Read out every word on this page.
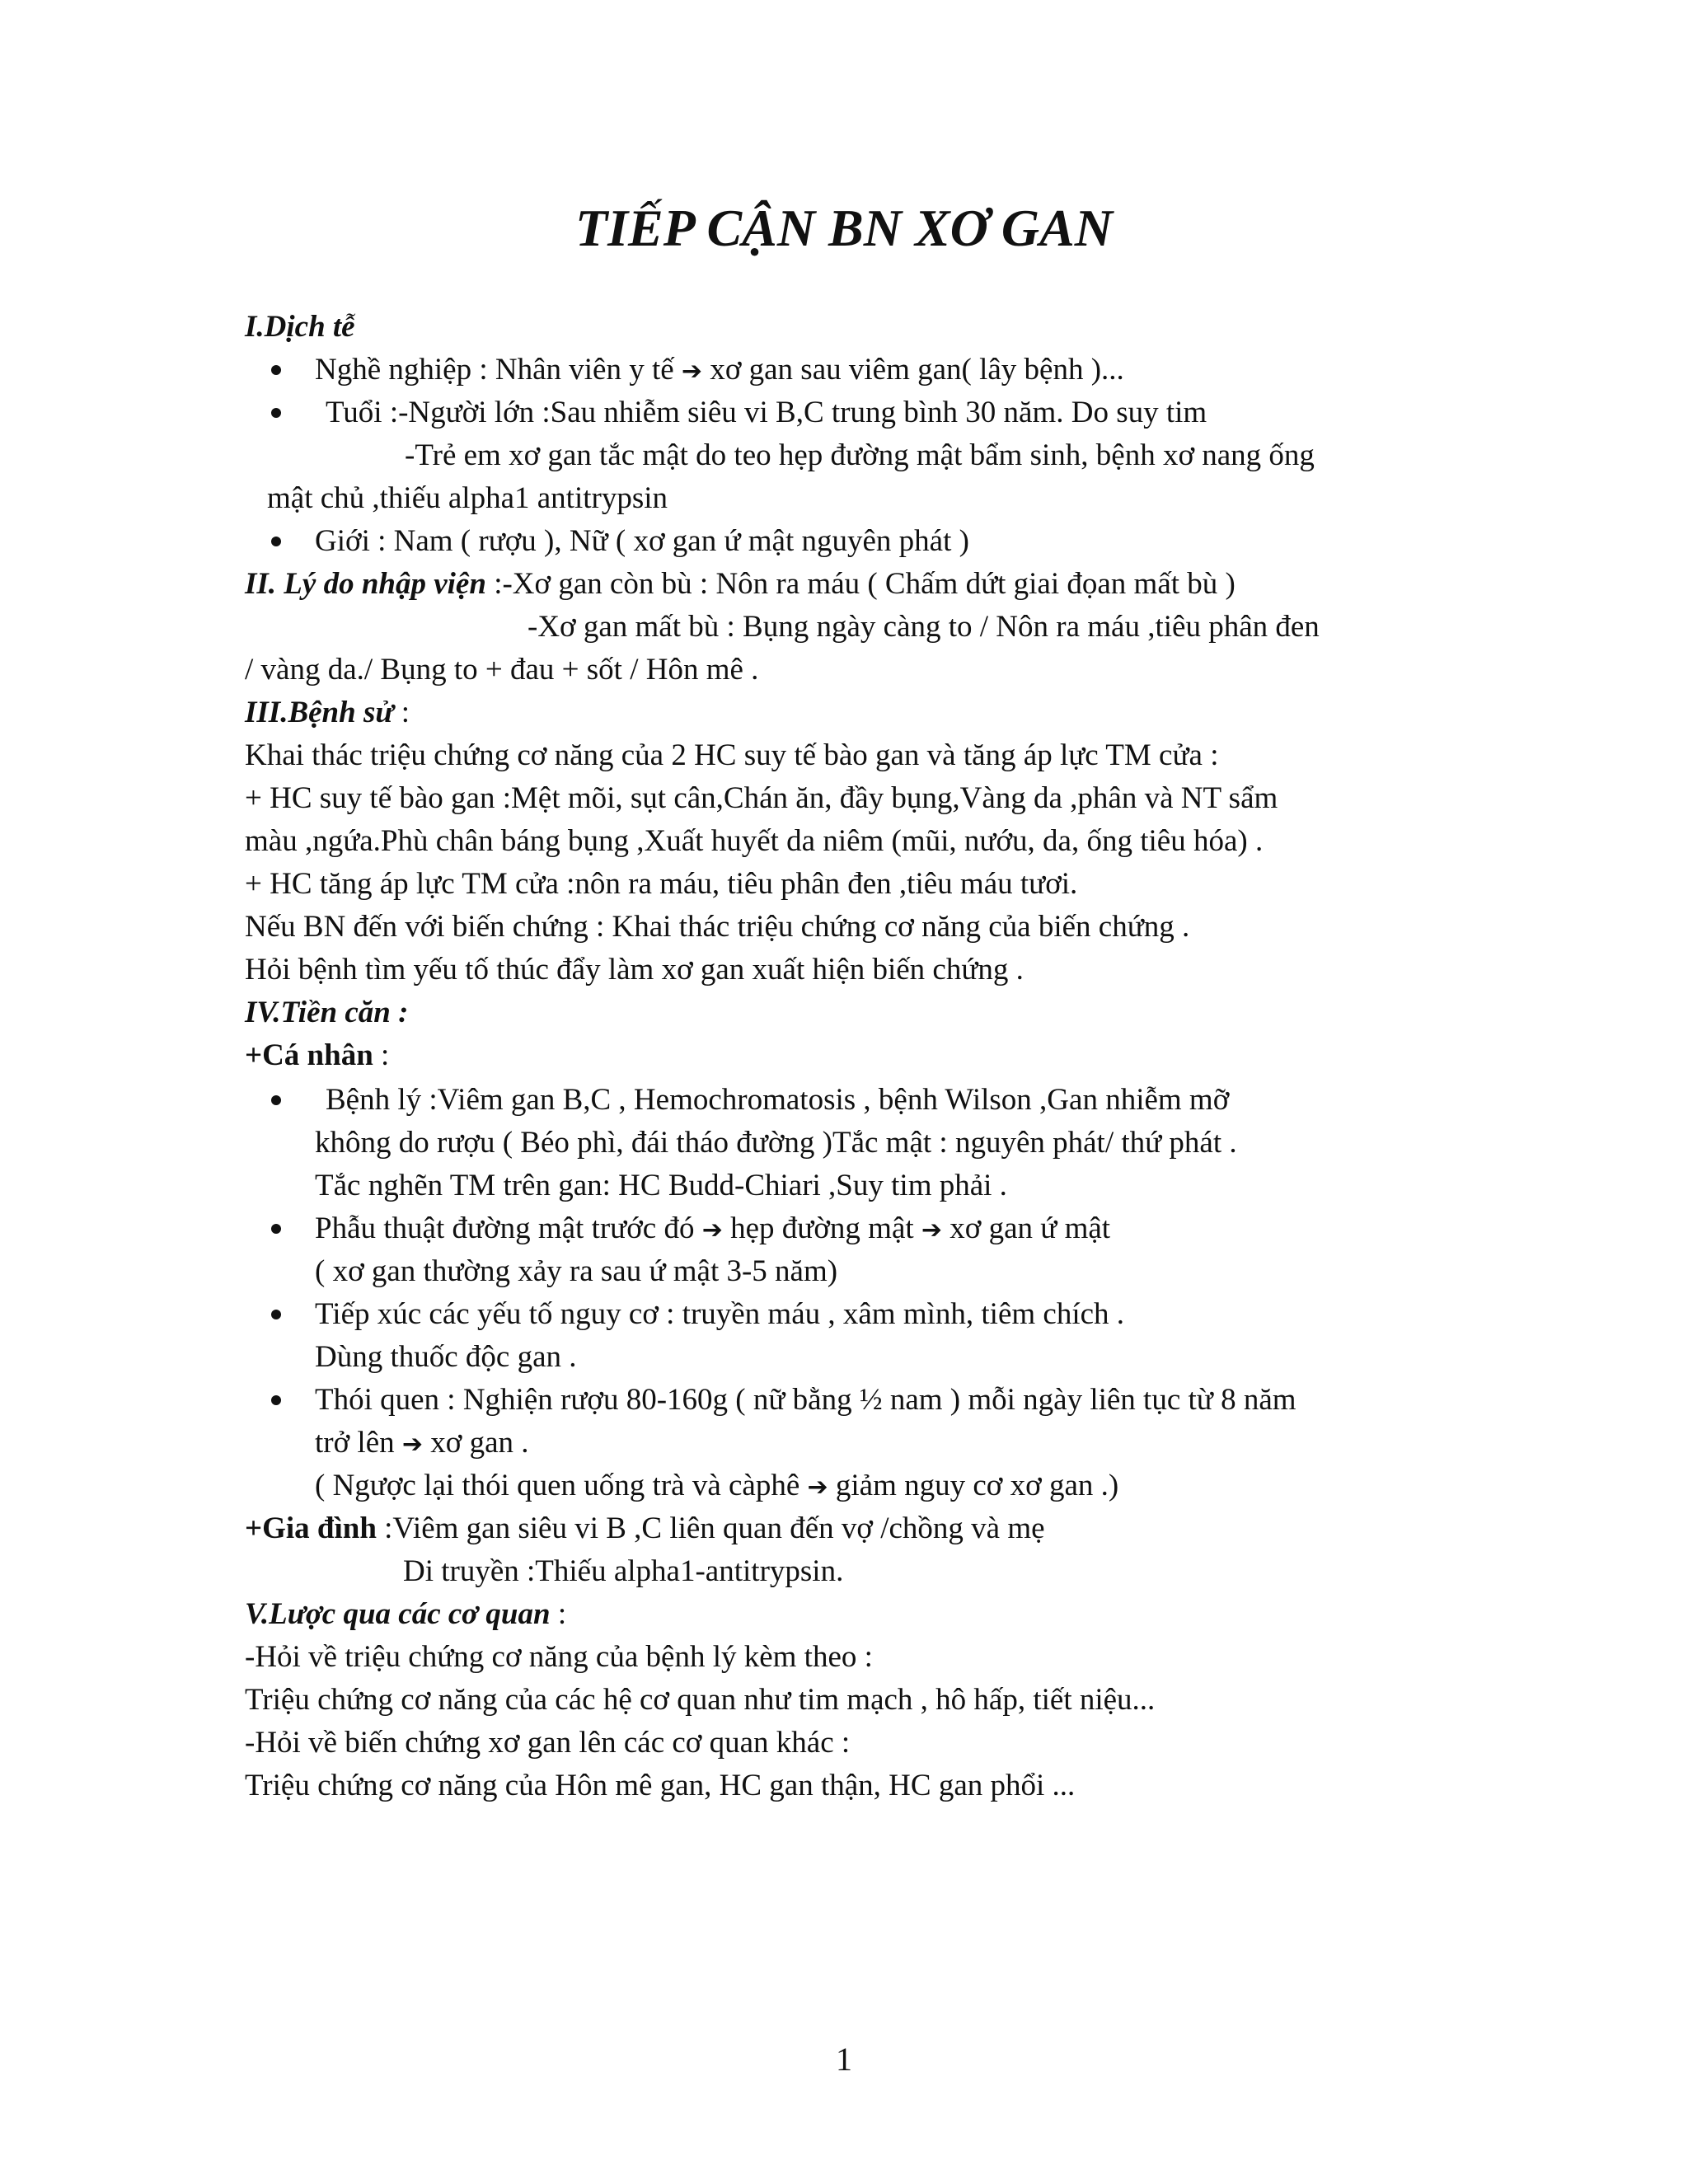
TIẾP CẬN BN XƠ GAN
I.Dịch tễ
Nghề nghiệp : Nhân viên y tế ➔ xơ gan sau viêm gan( lây bệnh )...
Tuổi :-Người lớn :Sau nhiễm siêu vi B,C trung bình 30 năm. Do suy tim
-Trẻ em xơ gan tắc mật do teo hẹp đường mật bẩm sinh, bệnh xơ nang ống
mật chủ ,thiếu alpha1 antitrypsin
Giới : Nam ( rượu ), Nữ ( xơ gan ứ mật nguyên phát )
II. Lý do nhập viện :-Xơ gan còn bù : Nôn ra máu ( Chấm dứt giai đọan mất bù )
-Xơ gan mất bù : Bụng ngày càng to / Nôn ra máu ,tiêu phân đen
/ vàng da./ Bụng to + đau + sốt / Hôn mê .
III.Bệnh sử :
Khai thác triệu chứng cơ năng của 2 HC suy tế bào gan và tăng áp lực TM cửa :
+ HC suy tế bào gan :Mệt mõi, sụt cân,Chán ăn, đầy bụng,Vàng da ,phân và NT sẩm
màu ,ngứa.Phù chân báng bụng ,Xuất huyết da niêm (mũi, nướu, da, ống tiêu hóa) .
+ HC tăng áp lực TM cửa :nôn ra máu, tiêu phân đen ,tiêu máu tươi.
Nếu BN đến với biến chứng : Khai thác triệu chứng cơ năng của biến chứng .
Hỏi bệnh tìm yếu tố thúc đẩy làm xơ gan xuất hiện biến chứng .
IV.Tiền căn :
+Cá nhân :
Bệnh lý :Viêm gan B,C , Hemochromatosis , bệnh Wilson ,Gan nhiễm mỡ
không do rượu ( Béo phì, đái tháo đường )Tắc mật : nguyên phát/ thứ phát .
Tắc nghẽn TM trên gan: HC Budd-Chiari ,Suy tim phải .
Phẫu thuật đường mật trước đó ➔ hẹp đường mật ➔ xơ gan ứ mật
( xơ gan thường xảy ra sau ứ mật 3-5 năm)
Tiếp xúc các yếu tố nguy cơ : truyền máu , xâm mình, tiêm chích .
Dùng thuốc độc gan .
Thói quen : Nghiện rượu 80-160g ( nữ bằng ½ nam ) mỗi ngày liên tục từ 8 năm
trở lên ➔ xơ gan .
( Ngược lại thói quen uống trà và càphê ➔ giảm nguy cơ xơ gan .)
+Gia đình :Viêm gan siêu vi B ,C liên quan đến vợ /chồng và mẹ
Di truyền :Thiếu alpha1-antitrypsin.
V.Lược qua các cơ quan :
-Hỏi về triệu chứng cơ năng của bệnh lý kèm theo :
Triệu chứng cơ năng của các hệ cơ quan như tim mạch , hô hấp, tiết niệu...
-Hỏi về biến chứng xơ gan lên các cơ quan khác :
Triệu chứng cơ năng của Hôn mê gan, HC gan thận, HC gan phổi ...
1
